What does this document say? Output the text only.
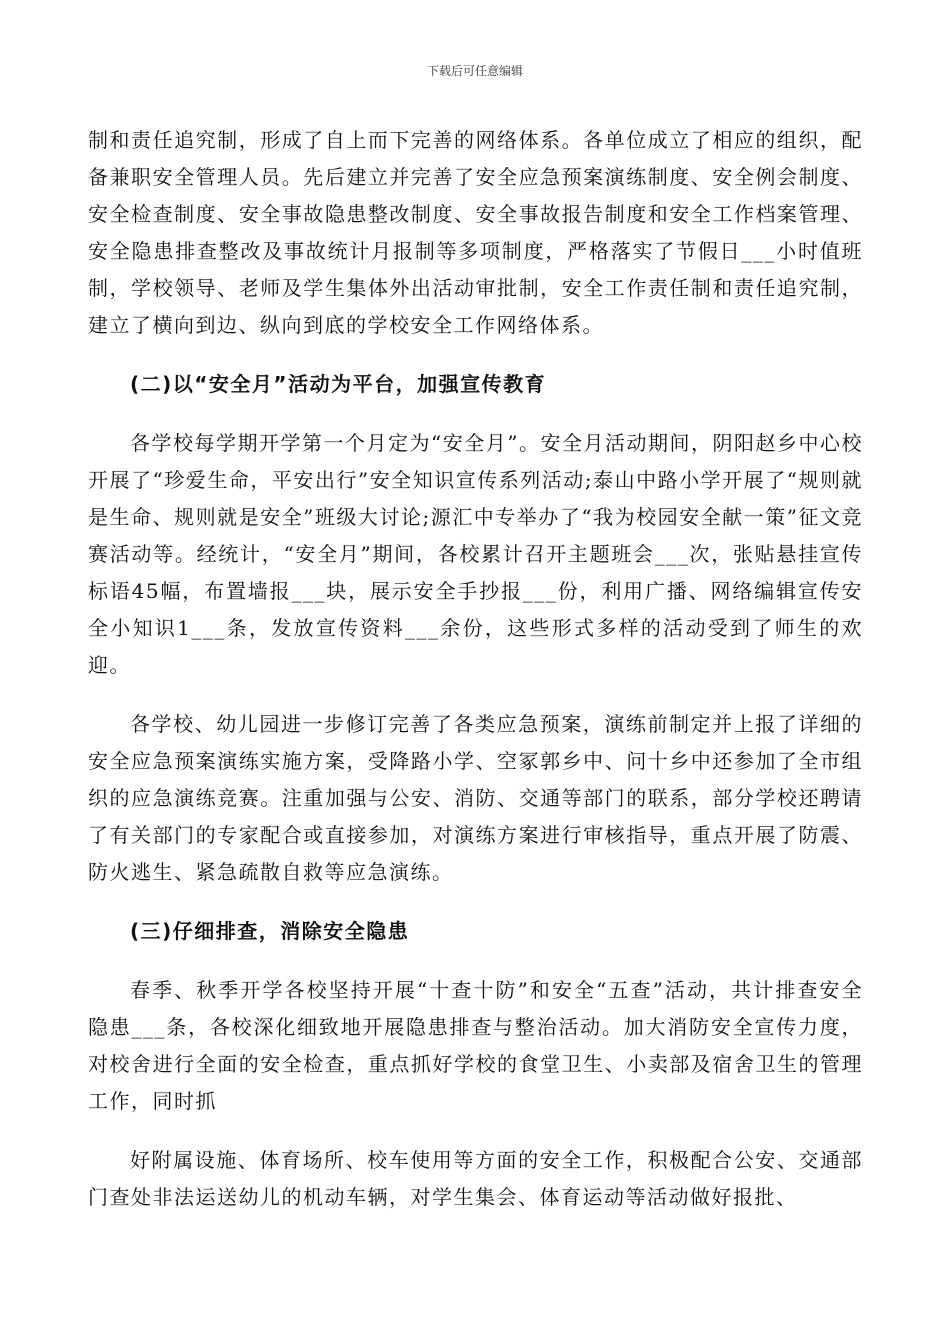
下载后可任意编辑

制和责任追究制，形成了自上而下完善的网络体系。各单位成立了相应的组织，配备兼职安全管理人员。先后建立并完善了安全应急预案演练制度、安全例会制度、安全检查制度、安全事故隐患整改制度、安全事故报告制度和安全工作档案管理、安全隐患排查整改及事故统计月报制等多项制度，严格落实了节假日___小时值班制，学校领导、老师及学生集体外出活动审批制，安全工作责任制和责任追究制，建立了横向到边、纵向到底的学校安全工作网络体系。

(二)以“安全月”活动为平台，加强宣传教育

各学校每学期开学第一个月定为“安全月”。安全月活动期间，阴阳赵乡中心校开展了“珍爱生命，平安出行”安全知识宣传系列活动;泰山中路小学开展了“规则就是生命、规则就是安全”班级大讨论;源汇中专举办了“我为校园安全献一策”征文竞赛活动等。经统计，“安全月”期间，各校累计召开主题班会___次，张贴悬挂宣传标语45幅，布置墙报___块，展示安全手抄报___份，利用广播、网络编辑宣传安全小知识1___条，发放宣传资料___余份，这些形式多样的活动受到了师生的欢迎。

各学校、幼儿园进一步修订完善了各类应急预案，演练前制定并上报了详细的安全应急预案演练实施方案，受降路小学、空冢郭乡中、问十乡中还参加了全市组织的应急演练竞赛。注重加强与公安、消防、交通等部门的联系，部分学校还聘请了有关部门的专家配合或直接参加，对演练方案进行审核指导，重点开展了防震、防火逃生、紧急疏散自救等应急演练。

(三)仔细排查，消除安全隐患

春季、秋季开学各校坚持开展“十查十防”和安全“五查”活动，共计排查安全隐患___条，各校深化细致地开展隐患排查与整治活动。加大消防安全宣传力度，对校舍进行全面的安全检查，重点抓好学校的食堂卫生、小卖部及宿舍卫生的管理工作，同时抓

好附属设施、体育场所、校车使用等方面的安全工作，积极配合公安、交通部门查处非法运送幼儿的机动车辆，对学生集会、体育运动等活动做好报批、
